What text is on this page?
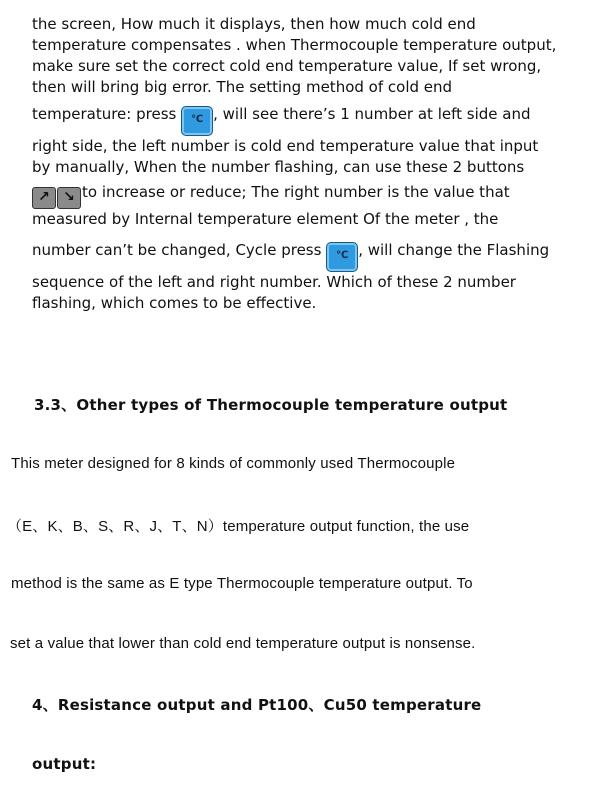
the screen, How much it displays, then how much cold end
temperature compensates . when Thermocouple temperature output,
make sure set the correct cold end temperature value, If set wrong,
then will bring big error. The setting method of cold end
temperature: press ℃ , will see there’s 1 number at left side and
right side, the left number is cold end temperature value that input
by manually, When the number flashing, can use these 2 buttons
↗ ↘ to increase or reduce; The right number is the value that
measured by Internal temperature element Of the meter , the
number can’t be changed, Cycle press ℃ , will change the Flashing
sequence of the left and right number. Which of these 2 number
flashing, which comes to be effective.
3.3、Other types of Thermocouple temperature output
This meter designed for 8 kinds of commonly used Thermocouple
（E、K、B、S、R、J、T、N）temperature output function, the use
method is the same as E type Thermocouple temperature output. To
set a value that lower than cold end temperature output is nonsense.
4、Resistance output and Pt100、Cu50 temperature
output:
